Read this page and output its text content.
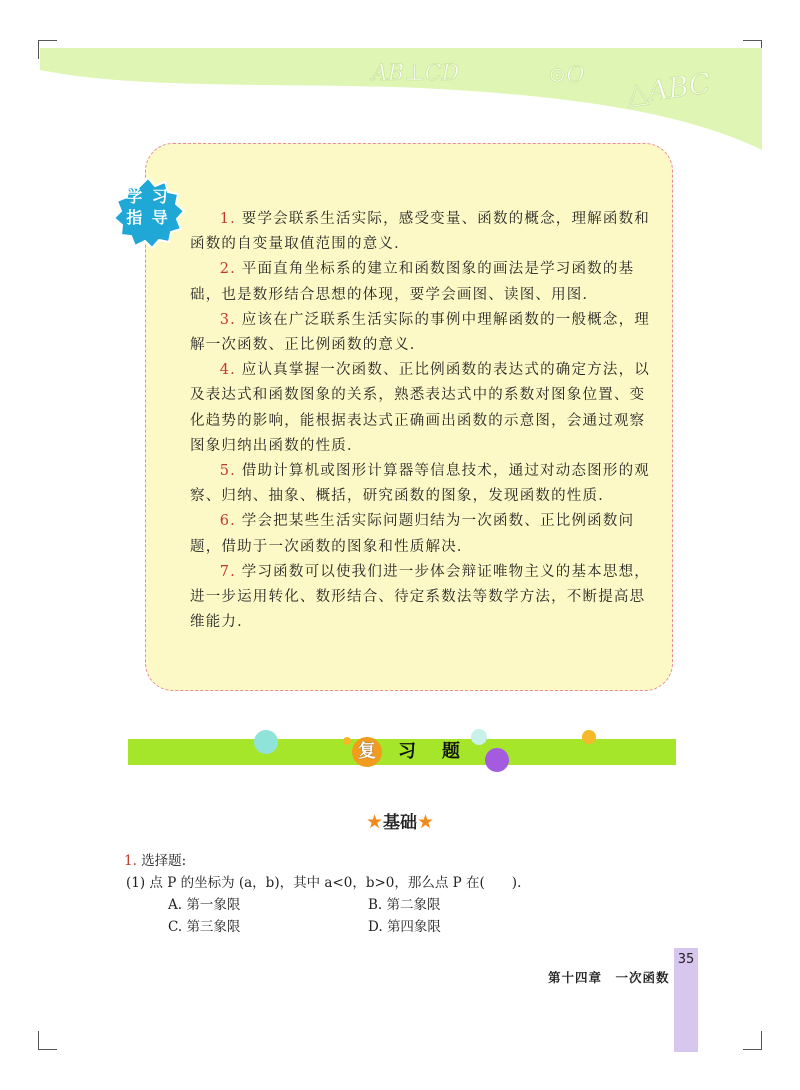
AB⊥CD	⊙O △ABC
学 习
指 导	1. 要学会联系生活实际，感受变量、函数的概念，理解函数和函数的自变量取值范围的意义．
2. 平面直角坐标系的建立和函数图象的画法是学习函数的基础，也是数形结合思想的体现，要学会画图、读图、用图．
3. 应该在广泛联系生活实际的事例中理解函数的一般概念，理解一次函数、正比例函数的意义．
4. 应认真掌握一次函数、正比例函数的表达式的确定方法，以及表达式和函数图象的关系，熟悉表达式中的系数对图象位置、变化趋势的影响，能根据表达式正确画出函数的示意图，会通过观察图象归纳出函数的性质．
5. 借助计算机或图形计算器等信息技术，通过对动态图形的观察、归纳、抽象、概括，研究函数的图象，发现函数的性质．
6. 学会把某些生活实际问题归结为一次函数、正比例函数问题，借助于一次函数的图象和性质解决．
7. 学习函数可以使我们进一步体会辩证唯物主义的基本思想，进一步运用转化、数形结合、待定系数法等数学方法，不断提高思维能力．
复	习	题
★基础★
1. 选择题:
(1) 点 P 的坐标为 (a，b)，其中 a<0，b>0，那么点 P 在(　　).
A. 第一象限	B. 第二象限
C. 第三象限	D. 第四象限
第十四章　一次函数
35
